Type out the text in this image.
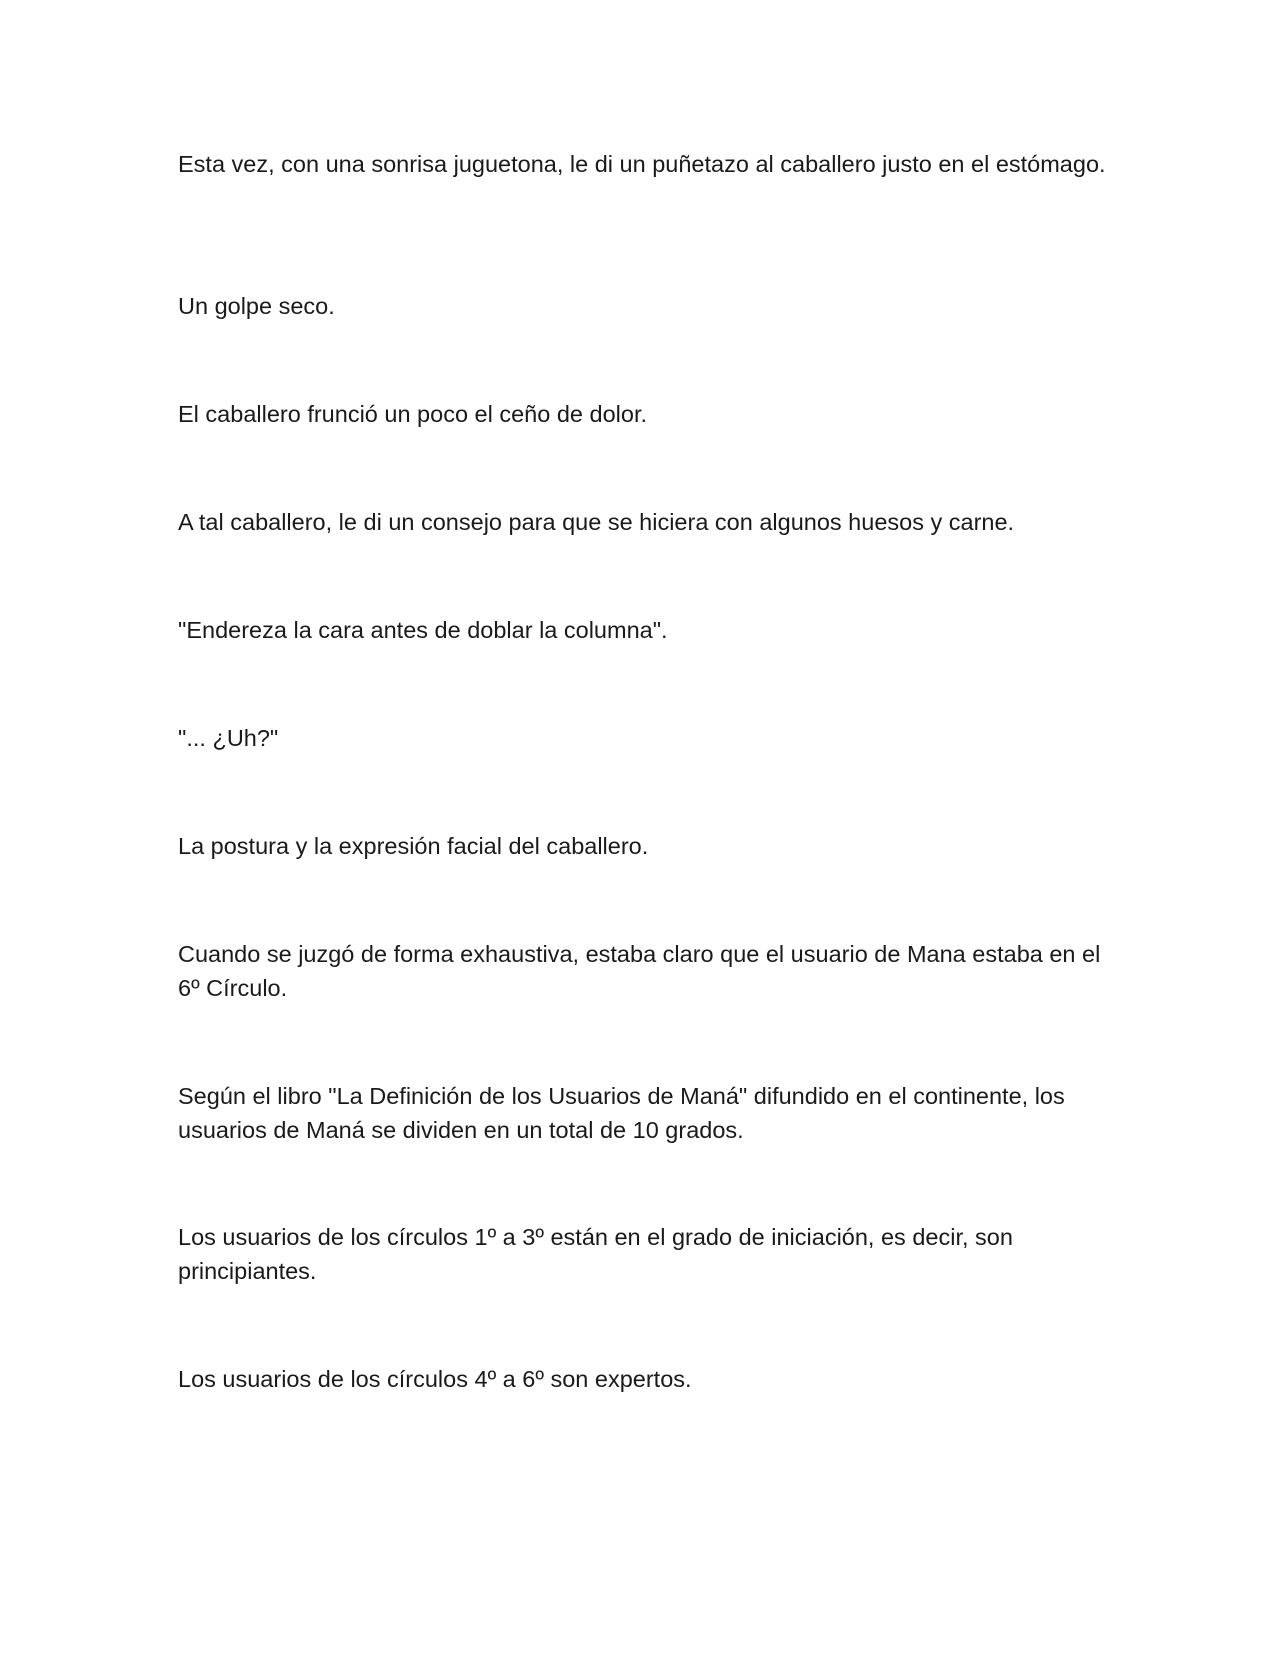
Esta vez, con una sonrisa juguetona, le di un puñetazo al caballero justo en el estómago.

Un golpe seco.

El caballero frunció un poco el ceño de dolor.

A tal caballero, le di un consejo para que se hiciera con algunos huesos y carne.

"Endereza la cara antes de doblar la columna".

"... ¿Uh?"

La postura y la expresión facial del caballero.

Cuando se juzgó de forma exhaustiva, estaba claro que el usuario de Mana estaba en el 6º Círculo.

Según el libro "La Definición de los Usuarios de Maná" difundido en el continente, los usuarios de Maná se dividen en un total de 10 grados.

Los usuarios de los círculos 1º a 3º están en el grado de iniciación, es decir, son principiantes.

Los usuarios de los círculos 4º a 6º son expertos.
